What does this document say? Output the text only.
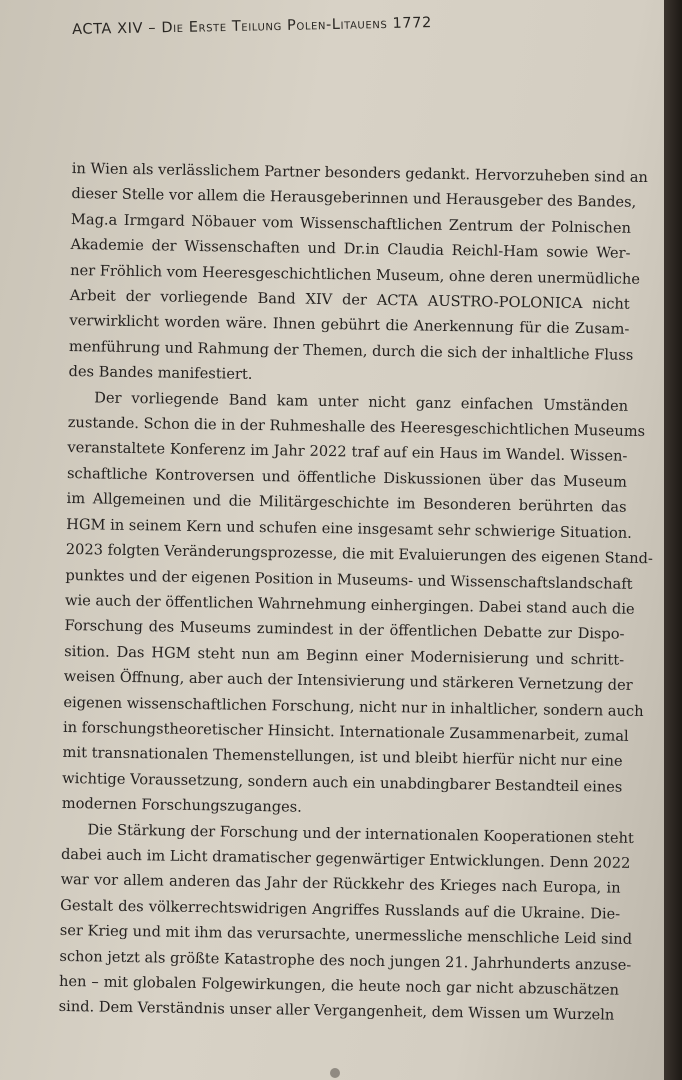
ACTA XIV – Die Erste Teilung Polen-Litauens 1772
in Wien als verlässlichem Partner besonders gedankt. Hervorzuheben sind an
dieser Stelle vor allem die Herausgeberinnen und Herausgeber des Bandes,
Mag.a Irmgard Nöbauer vom Wissenschaftlichen Zentrum der Polnischen
Akademie der Wissenschaften und Dr.in Claudia Reichl-Ham sowie Wer-
ner Fröhlich vom Heeresgeschichtlichen Museum, ohne deren unermüdliche
Arbeit der vorliegende Band XIV der ACTA AUSTRO-POLONICA nicht
verwirklicht worden wäre. Ihnen gebührt die Anerkennung für die Zusam-
menführung und Rahmung der Themen, durch die sich der inhaltliche Fluss
des Bandes manifestiert.
Der vorliegende Band kam unter nicht ganz einfachen Umständen
zustande. Schon die in der Ruhmeshalle des Heeresgeschichtlichen Museums
veranstaltete Konferenz im Jahr 2022 traf auf ein Haus im Wandel. Wissen-
schaftliche Kontroversen und öffentliche Diskussionen über das Museum
im Allgemeinen und die Militärgeschichte im Besonderen berührten das
HGM in seinem Kern und schufen eine insgesamt sehr schwierige Situation.
2023 folgten Veränderungsprozesse, die mit Evaluierungen des eigenen Stand-
punktes und der eigenen Position in Museums- und Wissenschaftslandschaft
wie auch der öffentlichen Wahrnehmung einhergingen. Dabei stand auch die
Forschung des Museums zumindest in der öffentlichen Debatte zur Dispo-
sition. Das HGM steht nun am Beginn einer Modernisierung und schritt-
weisen Öffnung, aber auch der Intensivierung und stärkeren Vernetzung der
eigenen wissenschaftlichen Forschung, nicht nur in inhaltlicher, sondern auch
in forschungstheoretischer Hinsicht. Internationale Zusammenarbeit, zumal
mit transnationalen Themenstellungen, ist und bleibt hierfür nicht nur eine
wichtige Voraussetzung, sondern auch ein unabdingbarer Bestandteil eines
modernen Forschungszuganges.
Die Stärkung der Forschung und der internationalen Kooperationen steht
dabei auch im Licht dramatischer gegenwärtiger Entwicklungen. Denn 2022
war vor allem anderen das Jahr der Rückkehr des Krieges nach Europa, in
Gestalt des völkerrechtswidrigen Angriffes Russlands auf die Ukraine. Die-
ser Krieg und mit ihm das verursachte, unermessliche menschliche Leid sind
schon jetzt als größte Katastrophe des noch jungen 21. Jahrhunderts anzuse-
hen – mit globalen Folgewirkungen, die heute noch gar nicht abzuschätzen
sind. Dem Verständnis unser aller Vergangenheit, dem Wissen um Wurzeln
